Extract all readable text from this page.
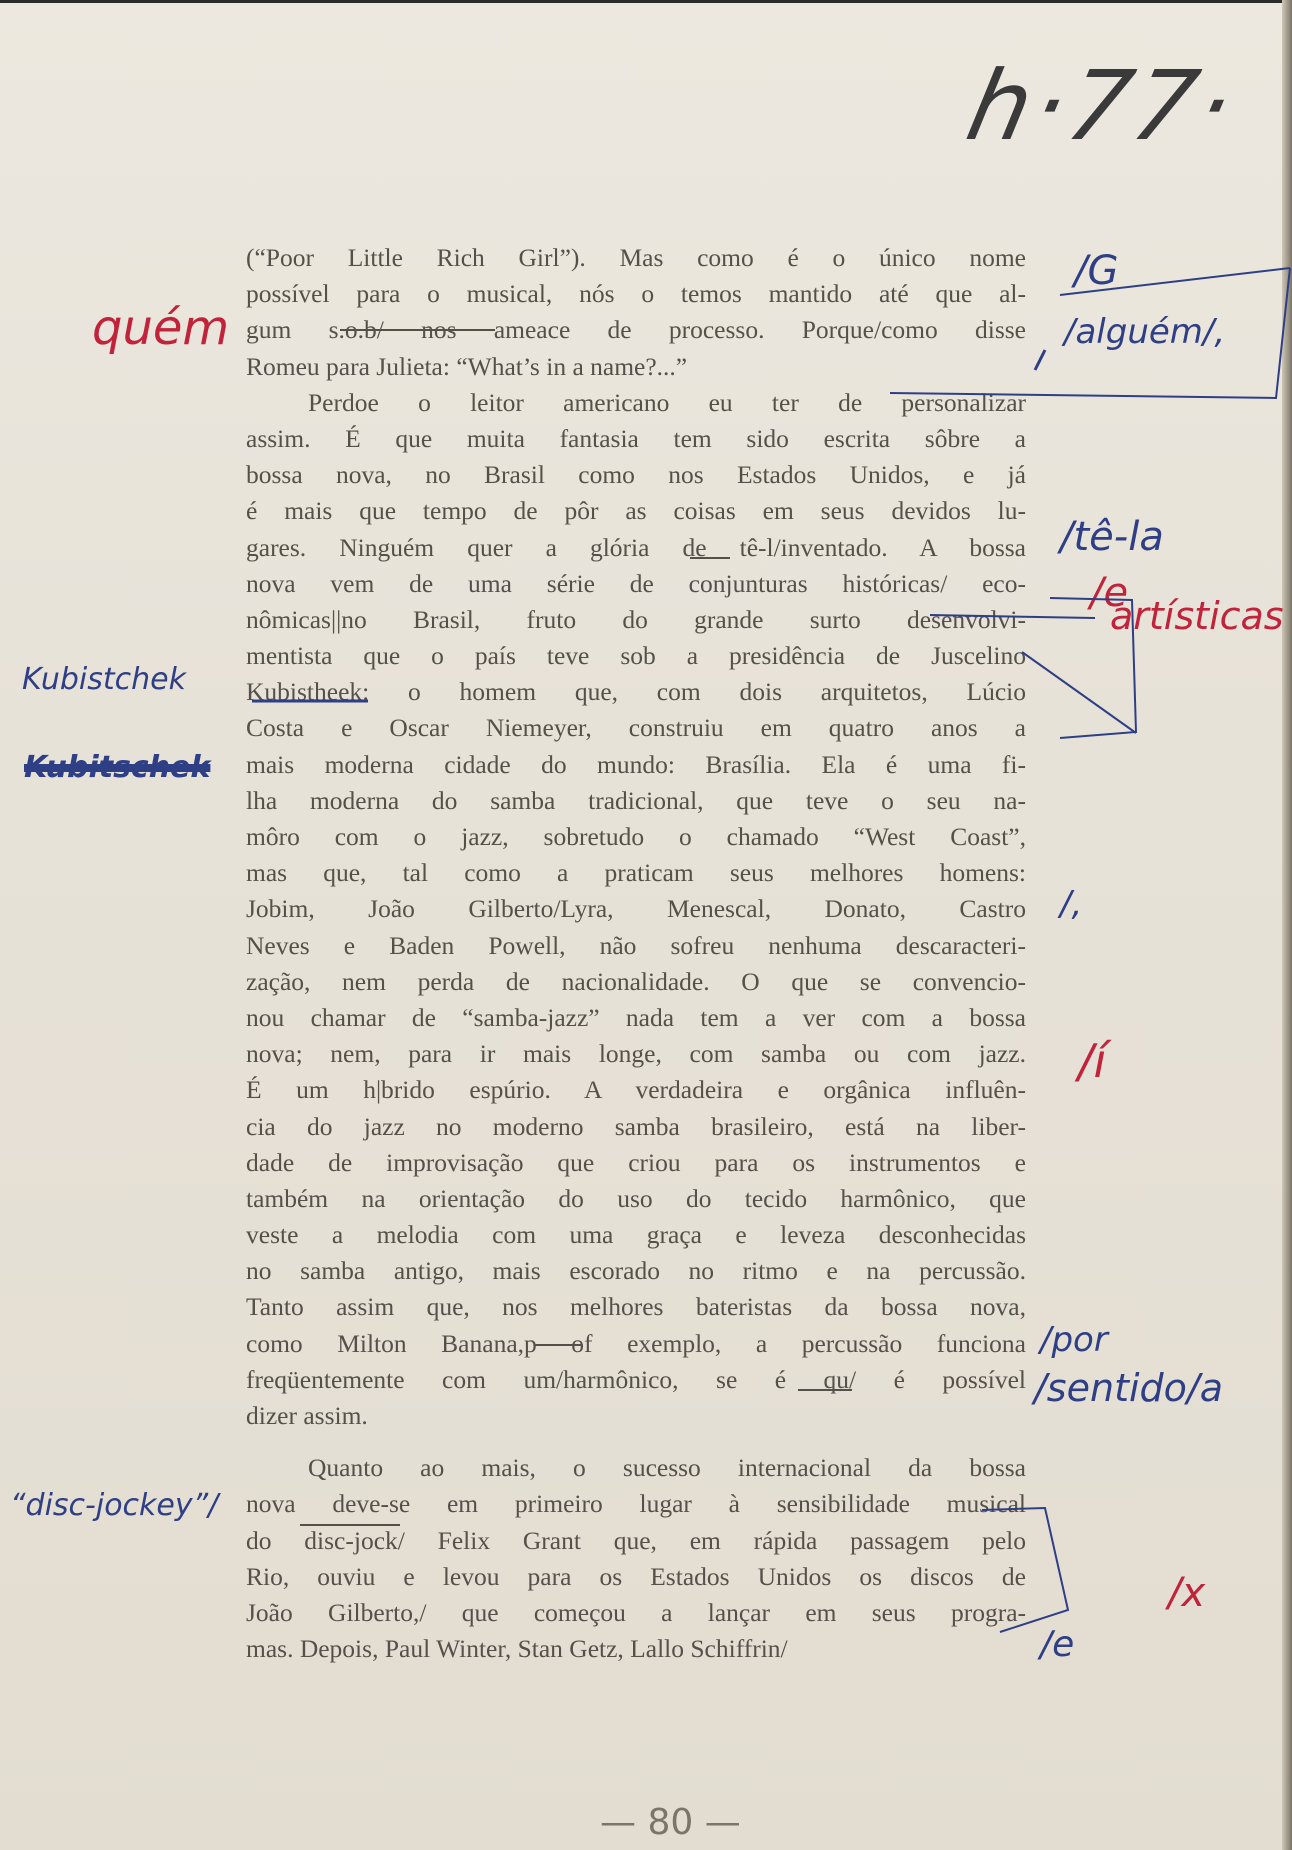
h·77·
(“Poor Little Rich Girl”). Mas como é o único nome
possível para o musical, nós o temos mantido até que al-
gum s.o.b/ nos ameace de processo. Porque/como disse
Romeu para Julieta: “What’s in a name?...”
Perdoe o leitor americano eu ter de personalizar
assim. É que muita fantasia tem sido escrita sôbre a
bossa nova, no Brasil como nos Estados Unidos, e já
é mais que tempo de pôr as coisas em seus devidos lu-
gares. Ninguém quer a glória de tê-l/inventado. A bossa
nova vem de uma série de conjunturas históricas/ eco-
nômicas||no Brasil, fruto do grande surto desenvolvi-
mentista que o país teve sob a presidência de Juscelino
Kubistheek: o homem que, com dois arquitetos, Lúcio
Costa e Oscar Niemeyer, construiu em quatro anos a
mais moderna cidade do mundo: Brasília. Ela é uma fi-
lha moderna do samba tradicional, que teve o seu na-
môro com o jazz, sobretudo o chamado “West Coast”,
mas que, tal como a praticam seus melhores homens:
Jobim, João Gilberto/Lyra, Menescal, Donato, Castro
Neves e Baden Powell, não sofreu nenhuma descaracteri-
zação, nem perda de nacionalidade. O que se convencio-
nou chamar de “samba-jazz” nada tem a ver com a bossa
nova; nem, para ir mais longe, com samba ou com jazz.
É um h|brido espúrio. A verdadeira e orgânica influên-
cia do jazz no moderno samba brasileiro, está na liber-
dade de improvisação que criou para os instrumentos e
também na orientação do uso do tecido harmônico, que
veste a melodia com uma graça e leveza desconhecidas
no samba antigo, mais escorado no ritmo e na percussão.
Tanto assim que, nos melhores bateristas da bossa nova,
como Milton Banana,p of exemplo, a percussão funciona
freqüentemente com um/harmônico, se é qu/ é possível
dizer assim.
Quanto ao mais, o sucesso internacional da bossa
nova deve-se em primeiro lugar à sensibilidade musical
do disc-jock/ Felix Grant que, em rápida passagem pelo
Rio, ouviu e levou para os Estados Unidos os discos de
João Gilberto,/ que começou a lançar em seus progra-
mas. Depois, Paul Winter, Stan Getz, Lallo Schiffrin/
quém
Kubistchek
Kubitschek
“disc-jockey”/
/G
/alguém/,
/tê-la
/e
artísticas
/,
/í
/por
/sentido/a
/x
/e
— 80 —
